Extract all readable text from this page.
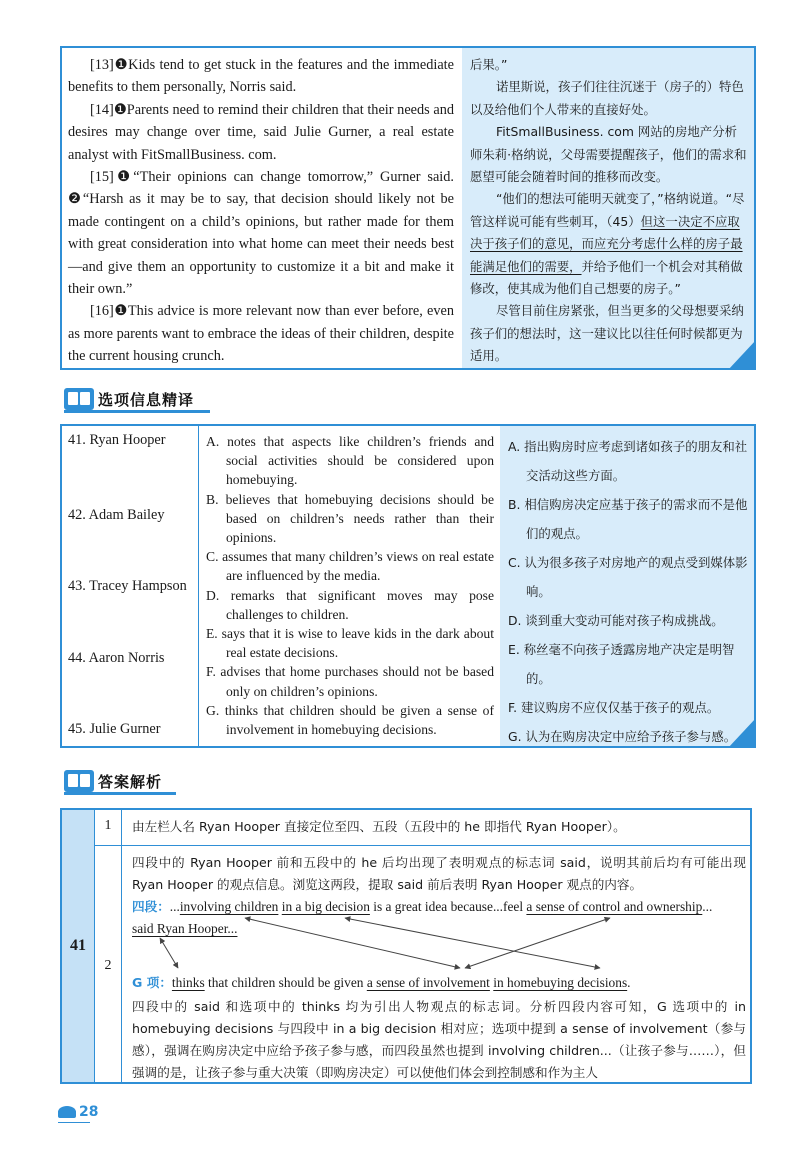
[13]❶Kids tend to get stuck in the features and the immediate benefits to them personally, Norris said.

[14]❶Parents need to remind their children that their needs and desires may change over time, said Julie Gurner, a real estate analyst with FitSmallBusiness. com.

[15]❶“Their opinions can change tomorrow,” Gurner said. ❷“Harsh as it may be to say, that decision should likely not be made contingent on a child’s opinions, but rather made for them with great consideration into what home can meet their needs best—and give them an opportunity to customize it a bit and make it their own.”

[16]❶This advice is more relevant now than ever before, even as more parents want to embrace the ideas of their children, despite the current housing crunch.

后果。”

诺里斯说，孩子们往往沉迷于（房子的）特色以及给他们个人带来的直接好处。

FitSmallBusiness. com 网站的房地产分析师朱莉·格纳说，父母需要提醒孩子，他们的需求和愿望可能会随着时间的推移而改变。

“他们的想法可能明天就变了，”格纳说道。“尽管这样说可能有些刺耳，（45）但这一决定不应取决于孩子们的意见，而应充分考虑什么样的房子最能满足他们的需要，并给予他们一个机会对其稍做修改，使其成为他们自己想要的房子。”

尽管目前住房紧张，但当更多的父母想要采纳孩子们的想法时，这一建议比以往任何时候都更为适用。

选项信息精译
41. Ryan Hooper
42. Adam Bailey
43. Tracey Hampson
44. Aaron Norris
45. Julie Gurner
A. notes that aspects like children’s friends and social activities should be considered upon homebuying.
B. believes that homebuying decisions should be based on children’s needs rather than their opinions.
C. assumes that many children’s views on real estate are influenced by the media.
D. remarks that significant moves may pose challenges to children.
E. says that it is wise to leave kids in the dark about real estate decisions.
F. advises that home purchases should not be based only on children’s opinions.
G. thinks that children should be given a sense of involvement in homebuying decisions.
A. 指出购房时应考虑到诸如孩子的朋友和社交活动这些方面。
B. 相信购房决定应基于孩子的需求而不是他们的观点。
C. 认为很多孩子对房地产的观点受到媒体影响。
D. 谈到重大变动可能对孩子构成挑战。
E. 称丝毫不向孩子透露房地产决定是明智的。
F. 建议购房不应仅仅基于孩子的观点。
G. 认为在购房决定中应给予孩子参与感。
答案解析
41
1
2
由左栏人名 Ryan Hooper 直接定位至四、五段（五段中的 he 即指代 Ryan Hooper）。
四段中的 Ryan Hooper 前和五段中的 he 后均出现了表明观点的标志词 said，说明其前后均有可能出现 Ryan Hooper 的观点信息。浏览这两段，提取 said 前后表明 Ryan Hooper 观点的内容。
四段：...involving children in a big decision is a great idea because...feel a sense of control and ownership...
said Ryan Hooper...
G 项：thinks that children should be given a sense of involvement in homebuying decisions.
四段中的 said 和选项中的 thinks 均为引出人物观点的标志词。分析四段内容可知，G 选项中的 in homebuying decisions 与四段中 in a big decision 相对应；选项中提到 a sense of involvement（参与感），强调在购房决定中应给予孩子参与感，而四段虽然也提到 involving children...（让孩子参与……），但强调的是，让孩子参与重大决策（即购房决定）可以使他们体会到控制感和作为主人
28
